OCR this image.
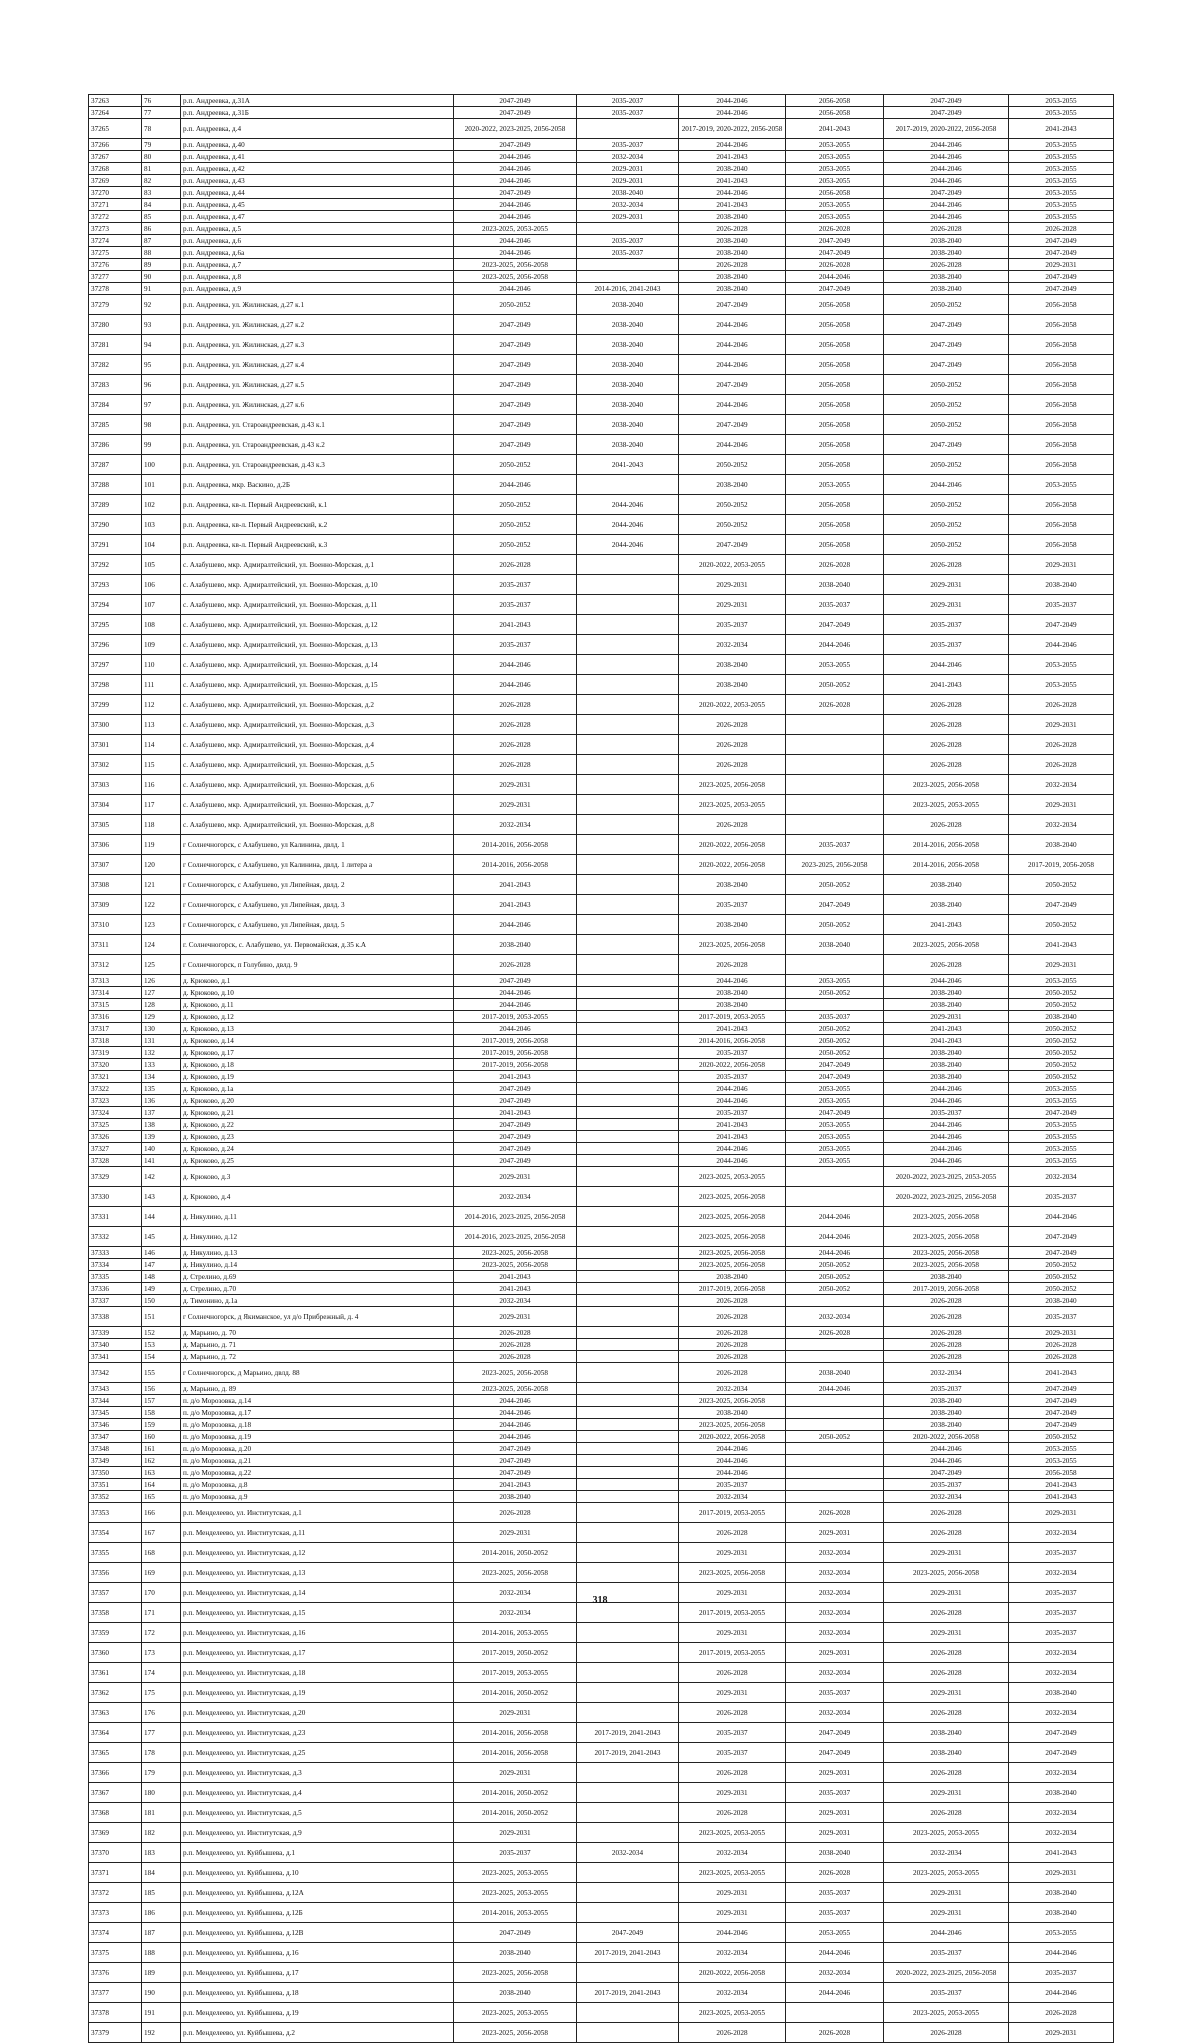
37263	76	р.п. Андреевка, д.31А	2047-2049	2035-2037	2044-2046	2056-2058	2047-2049	2053-2055
37264	77	р.п. Андреевка, д.31Б	2047-2049	2035-2037	2044-2046	2056-2058	2047-2049	2053-2055
37265	78	р.п. Андреевка, д.4	2020-2022, 2023-2025, 2056-2058		2017-2019, 2020-2022, 2056-2058	2041-2043	2017-2019, 2020-2022, 2056-2058	2041-2043
37266	79	р.п. Андреевка, д.40	2047-2049	2035-2037	2044-2046	2053-2055	2044-2046	2053-2055
37267	80	р.п. Андреевка, д.41	2044-2046	2032-2034	2041-2043	2053-2055	2044-2046	2053-2055
37268	81	р.п. Андреевка, д.42	2044-2046	2029-2031	2038-2040	2053-2055	2044-2046	2053-2055
37269	82	р.п. Андреевка, д.43	2044-2046	2029-2031	2041-2043	2053-2055	2044-2046	2053-2055
37270	83	р.п. Андреевка, д.44	2047-2049	2038-2040	2044-2046	2056-2058	2047-2049	2053-2055
37271	84	р.п. Андреевка, д.45	2044-2046	2032-2034	2041-2043	2053-2055	2044-2046	2053-2055
37272	85	р.п. Андреевка, д.47	2044-2046	2029-2031	2038-2040	2053-2055	2044-2046	2053-2055
37273	86	р.п. Андреевка, д.5	2023-2025, 2053-2055		2026-2028	2026-2028	2026-2028	2026-2028
37274	87	р.п. Андреевка, д.6	2044-2046	2035-2037	2038-2040	2047-2049	2038-2040	2047-2049
37275	88	р.п. Андреевка, д.6а	2044-2046	2035-2037	2038-2040	2047-2049	2038-2040	2047-2049
37276	89	р.п. Андреевка, д.7	2023-2025, 2056-2058		2026-2028	2026-2028	2026-2028	2029-2031
37277	90	р.п. Андреевка, д.8	2023-2025, 2056-2058		2038-2040	2044-2046	2038-2040	2047-2049
37278	91	р.п. Андреевка, д.9	2044-2046	2014-2016, 2041-2043	2038-2040	2047-2049	2038-2040	2047-2049
37279	92	р.п. Андреевка, ул. Жилинская, д.27 к.1	2050-2052	2038-2040	2047-2049	2056-2058	2050-2052	2056-2058
37280	93	р.п. Андреевка, ул. Жилинская, д.27 к.2	2047-2049	2038-2040	2044-2046	2056-2058	2047-2049	2056-2058
37281	94	р.п. Андреевка, ул. Жилинская, д.27 к.3	2047-2049	2038-2040	2044-2046	2056-2058	2047-2049	2056-2058
37282	95	р.п. Андреевка, ул. Жилинская, д.27 к.4	2047-2049	2038-2040	2044-2046	2056-2058	2047-2049	2056-2058
37283	96	р.п. Андреевка, ул. Жилинская, д.27 к.5	2047-2049	2038-2040	2047-2049	2056-2058	2050-2052	2056-2058
37284	97	р.п. Андреевка, ул. Жилинская, д.27 к.6	2047-2049	2038-2040	2044-2046	2056-2058	2050-2052	2056-2058
37285	98	р.п. Андреевка, ул. Староандреевская, д.43 к.1	2047-2049	2038-2040	2047-2049	2056-2058	2050-2052	2056-2058
37286	99	р.п. Андреевка, ул. Староандреевская, д.43 к.2	2047-2049	2038-2040	2044-2046	2056-2058	2047-2049	2056-2058
37287	100	р.п. Андреевка, ул. Староандреевская, д.43 к.3	2050-2052	2041-2043	2050-2052	2056-2058	2050-2052	2056-2058
37288	101	р.п. Андреевка, мкр. Васкино, д.2Б	2044-2046		2038-2040	2053-2055	2044-2046	2053-2055
37289	102	р.п. Андреевка, кв-л. Первый Андреевский, к.1	2050-2052	2044-2046	2050-2052	2056-2058	2050-2052	2056-2058
37290	103	р.п. Андреевка, кв-л. Первый Андреевский, к.2	2050-2052	2044-2046	2050-2052	2056-2058	2050-2052	2056-2058
37291	104	р.п. Андреевка, кв-л. Первый Андреевский, к.3	2050-2052	2044-2046	2047-2049	2056-2058	2050-2052	2056-2058
37292	105	с. Алабушево, мкр. Адмиралтейский, ул. Военно-Морская, д.1	2026-2028		2020-2022, 2053-2055	2026-2028	2026-2028	2029-2031
37293	106	с. Алабушево, мкр. Адмиралтейский, ул. Военно-Морская, д.10	2035-2037		2029-2031	2038-2040	2029-2031	2038-2040
37294	107	с. Алабушево, мкр. Адмиралтейский, ул. Военно-Морская, д.11	2035-2037		2029-2031	2035-2037	2029-2031	2035-2037
37295	108	с. Алабушево, мкр. Адмиралтейский, ул. Военно-Морская, д.12	2041-2043		2035-2037	2047-2049	2035-2037	2047-2049
37296	109	с. Алабушево, мкр. Адмиралтейский, ул. Военно-Морская, д.13	2035-2037		2032-2034	2044-2046	2035-2037	2044-2046
37297	110	с. Алабушево, мкр. Адмиралтейский, ул. Военно-Морская, д.14	2044-2046		2038-2040	2053-2055	2044-2046	2053-2055
37298	111	с. Алабушево, мкр. Адмиралтейский, ул. Военно-Морская, д.15	2044-2046		2038-2040	2050-2052	2041-2043	2053-2055
37299	112	с. Алабушево, мкр. Адмиралтейский, ул. Военно-Морская, д.2	2026-2028		2020-2022, 2053-2055	2026-2028	2026-2028	2026-2028
37300	113	с. Алабушево, мкр. Адмиралтейский, ул. Военно-Морская, д.3	2026-2028		2026-2028		2026-2028	2029-2031
37301	114	с. Алабушево, мкр. Адмиралтейский, ул. Военно-Морская, д.4	2026-2028		2026-2028		2026-2028	2026-2028
37302	115	с. Алабушево, мкр. Адмиралтейский, ул. Военно-Морская, д.5	2026-2028		2026-2028		2026-2028	2026-2028
37303	116	с. Алабушево, мкр. Адмиралтейский, ул. Военно-Морская, д.6	2029-2031		2023-2025, 2056-2058		2023-2025, 2056-2058	2032-2034
37304	117	с. Алабушево, мкр. Адмиралтейский, ул. Военно-Морская, д.7	2029-2031		2023-2025, 2053-2055		2023-2025, 2053-2055	2029-2031
37305	118	с. Алабушево, мкр. Адмиралтейский, ул. Военно-Морская, д.8	2032-2034		2026-2028		2026-2028	2032-2034
37306	119	г Солнечногорск, с Алабушево, ул Калинина, двлд. 1	2014-2016, 2056-2058		2020-2022, 2056-2058	2035-2037	2014-2016, 2056-2058	2038-2040
37307	120	г Солнечногорск, с Алабушево, ул Калинина, двлд. 1 литера а	2014-2016, 2056-2058		2020-2022, 2056-2058	2023-2025, 2056-2058	2014-2016, 2056-2058	2017-2019, 2056-2058
37308	121	г Солнечногорск, с Алабушево, ул Липейная, двлд. 2	2041-2043		2038-2040	2050-2052	2038-2040	2050-2052
37309	122	г Солнечногорск, с Алабушево, ул Липейная, двлд. 3	2041-2043		2035-2037	2047-2049	2038-2040	2047-2049
37310	123	г Солнечногорск, с Алабушево, ул Липейная, двлд. 5	2044-2046		2038-2040	2050-2052	2041-2043	2050-2052
37311	124	г. Солнечногорск, с. Алабушево, ул. Первомайская, д.35 к.А	2038-2040		2023-2025, 2056-2058	2038-2040	2023-2025, 2056-2058	2041-2043
37312	125	г Солнечногорск, п Голубино, двлд. 9	2026-2028		2026-2028		2026-2028	2029-2031
37313	126	д. Крюково, д.1	2047-2049		2044-2046	2053-2055	2044-2046	2053-2055
37314	127	д. Крюково, д.10	2044-2046		2038-2040	2050-2052	2038-2040	2050-2052
37315	128	д. Крюково, д.11	2044-2046		2038-2040		2038-2040	2050-2052
37316	129	д. Крюково, д.12	2017-2019, 2053-2055		2017-2019, 2053-2055	2035-2037	2029-2031	2038-2040
37317	130	д. Крюково, д.13	2044-2046		2041-2043	2050-2052	2041-2043	2050-2052
37318	131	д. Крюково, д.14	2017-2019, 2056-2058		2014-2016, 2056-2058	2050-2052	2041-2043	2050-2052
37319	132	д. Крюково, д.17	2017-2019, 2056-2058		2035-2037	2050-2052	2038-2040	2050-2052
37320	133	д. Крюково, д.18	2017-2019, 2056-2058		2020-2022, 2056-2058	2047-2049	2038-2040	2050-2052
37321	134	д. Крюково, д.19	2041-2043		2035-2037	2047-2049	2038-2040	2050-2052
37322	135	д. Крюково, д.1а	2047-2049		2044-2046	2053-2055	2044-2046	2053-2055
37323	136	д. Крюково, д.20	2047-2049		2044-2046	2053-2055	2044-2046	2053-2055
37324	137	д. Крюково, д.21	2041-2043		2035-2037	2047-2049	2035-2037	2047-2049
37325	138	д. Крюково, д.22	2047-2049		2041-2043	2053-2055	2044-2046	2053-2055
37326	139	д. Крюково, д.23	2047-2049		2041-2043	2053-2055	2044-2046	2053-2055
37327	140	д. Крюково, д.24	2047-2049		2044-2046	2053-2055	2044-2046	2053-2055
37328	141	д. Крюково, д.25	2047-2049		2044-2046	2053-2055	2044-2046	2053-2055
37329	142	д. Крюково, д.3	2029-2031		2023-2025, 2053-2055		2020-2022, 2023-2025, 2053-2055	2032-2034
37330	143	д. Крюково, д.4	2032-2034		2023-2025, 2056-2058		2020-2022, 2023-2025, 2056-2058	2035-2037
37331	144	д. Никулино, д.11	2014-2016, 2023-2025, 2056-2058		2023-2025, 2056-2058	2044-2046	2023-2025, 2056-2058	2044-2046
37332	145	д. Никулино, д.12	2014-2016, 2023-2025, 2056-2058		2023-2025, 2056-2058	2044-2046	2023-2025, 2056-2058	2047-2049
37333	146	д. Никулино, д.13	2023-2025, 2056-2058		2023-2025, 2056-2058	2044-2046	2023-2025, 2056-2058	2047-2049
37334	147	д. Никулино, д.14	2023-2025, 2056-2058		2023-2025, 2056-2058	2050-2052	2023-2025, 2056-2058	2050-2052
37335	148	д. Стрелино, д.69	2041-2043		2038-2040	2050-2052	2038-2040	2050-2052
37336	149	д. Стрелино, д.70	2041-2043		2017-2019, 2056-2058	2050-2052	2017-2019, 2056-2058	2050-2052
37337	150	д. Тимонино, д.1а	2032-2034		2026-2028		2026-2028	2038-2040
37338	151	г Солнечногорск, д Якиманское, ул д/о Прибрежный, д. 4	2029-2031		2026-2028	2032-2034	2026-2028	2035-2037
37339	152	д. Марьино, д. 70	2026-2028		2026-2028	2026-2028	2026-2028	2029-2031
37340	153	д. Марьино, д. 71	2026-2028		2026-2028		2026-2028	2026-2028
37341	154	д. Марьино, д. 72	2026-2028		2026-2028		2026-2028	2026-2028
37342	155	г Солнечногорск, д Марьино, двлд. 88	2023-2025, 2056-2058		2026-2028	2038-2040	2032-2034	2041-2043
37343	156	д. Марьино, д. 89	2023-2025, 2056-2058		2032-2034	2044-2046	2035-2037	2047-2049
37344	157	п. д/о Морозовка, д.14	2044-2046		2023-2025, 2056-2058		2038-2040	2047-2049
37345	158	п. д/о Морозовка, д.17	2044-2046		2038-2040		2038-2040	2047-2049
37346	159	п. д/о Морозовка, д.18	2044-2046		2023-2025, 2056-2058		2038-2040	2047-2049
37347	160	п. д/о Морозовка, д.19	2044-2046		2020-2022, 2056-2058	2050-2052	2020-2022, 2056-2058	2050-2052
37348	161	п. д/о Морозовка, д.20	2047-2049		2044-2046		2044-2046	2053-2055
37349	162	п. д/о Морозовка, д.21	2047-2049		2044-2046		2044-2046	2053-2055
37350	163	п. д/о Морозовка, д.22	2047-2049		2044-2046		2047-2049	2056-2058
37351	164	п. д/о Морозовка, д.8	2041-2043		2035-2037		2035-2037	2041-2043
37352	165	п. д/о Морозовка, д.9	2038-2040		2032-2034		2032-2034	2041-2043
37353	166	р.п. Менделеево, ул. Институтская, д.1	2026-2028		2017-2019, 2053-2055	2026-2028	2026-2028	2029-2031
37354	167	р.п. Менделеево, ул. Институтская, д.11	2029-2031		2026-2028	2029-2031	2026-2028	2032-2034
37355	168	р.п. Менделеево, ул. Институтская, д.12	2014-2016, 2050-2052		2029-2031	2032-2034	2029-2031	2035-2037
37356	169	р.п. Менделеево, ул. Институтская, д.13	2023-2025, 2056-2058		2023-2025, 2056-2058	2032-2034	2023-2025, 2056-2058	2032-2034
37357	170	р.п. Менделеево, ул. Институтская, д.14	2032-2034		2029-2031	2032-2034	2029-2031	2035-2037
37358	171	р.п. Менделеево, ул. Институтская, д.15	2032-2034		2017-2019, 2053-2055	2032-2034	2026-2028	2035-2037
37359	172	р.п. Менделеево, ул. Институтская, д.16	2014-2016, 2053-2055		2029-2031	2032-2034	2029-2031	2035-2037
37360	173	р.п. Менделеево, ул. Институтская, д.17	2017-2019, 2050-2052		2017-2019, 2053-2055	2029-2031	2026-2028	2032-2034
37361	174	р.п. Менделеево, ул. Институтская, д.18	2017-2019, 2053-2055		2026-2028	2032-2034	2026-2028	2032-2034
37362	175	р.п. Менделеево, ул. Институтская, д.19	2014-2016, 2050-2052		2029-2031	2035-2037	2029-2031	2038-2040
37363	176	р.п. Менделеево, ул. Институтская, д.20	2029-2031		2026-2028	2032-2034	2026-2028	2032-2034
37364	177	р.п. Менделеево, ул. Институтская, д.23	2014-2016, 2056-2058	2017-2019, 2041-2043	2035-2037	2047-2049	2038-2040	2047-2049
37365	178	р.п. Менделеево, ул. Институтская, д.25	2014-2016, 2056-2058	2017-2019, 2041-2043	2035-2037	2047-2049	2038-2040	2047-2049
37366	179	р.п. Менделеево, ул. Институтская, д.3	2029-2031		2026-2028	2029-2031	2026-2028	2032-2034
37367	180	р.п. Менделеево, ул. Институтская, д.4	2014-2016, 2050-2052		2029-2031	2035-2037	2029-2031	2038-2040
37368	181	р.п. Менделеево, ул. Институтская, д.5	2014-2016, 2050-2052		2026-2028	2029-2031	2026-2028	2032-2034
37369	182	р.п. Менделеево, ул. Институтская, д.9	2029-2031		2023-2025, 2053-2055	2029-2031	2023-2025, 2053-2055	2032-2034
37370	183	р.п. Менделеево, ул. Куйбышева, д.1	2035-2037	2032-2034	2032-2034	2038-2040	2032-2034	2041-2043
37371	184	р.п. Менделеево, ул. Куйбышева, д.10	2023-2025, 2053-2055		2023-2025, 2053-2055	2026-2028	2023-2025, 2053-2055	2029-2031
37372	185	р.п. Менделеево, ул. Куйбышева, д.12А	2023-2025, 2053-2055		2029-2031	2035-2037	2029-2031	2038-2040
37373	186	р.п. Менделеево, ул. Куйбышева, д.12Б	2014-2016, 2053-2055		2029-2031	2035-2037	2029-2031	2038-2040
37374	187	р.п. Менделеево, ул. Куйбышева, д.12В	2047-2049	2047-2049	2044-2046	2053-2055	2044-2046	2053-2055
37375	188	р.п. Менделеево, ул. Куйбышева, д.16	2038-2040	2017-2019, 2041-2043	2032-2034	2044-2046	2035-2037	2044-2046
37376	189	р.п. Менделеево, ул. Куйбышева, д.17	2023-2025, 2056-2058		2020-2022, 2056-2058	2032-2034	2020-2022, 2023-2025, 2056-2058	2035-2037
37377	190	р.п. Менделеево, ул. Куйбышева, д.18	2038-2040	2017-2019, 2041-2043	2032-2034	2044-2046	2035-2037	2044-2046
37378	191	р.п. Менделеево, ул. Куйбышева, д.19	2023-2025, 2053-2055		2023-2025, 2053-2055		2023-2025, 2053-2055	2026-2028
37379	192	р.п. Менделеево, ул. Куйбышева, д.2	2023-2025, 2056-2058		2026-2028	2026-2028	2026-2028	2029-2031
318
